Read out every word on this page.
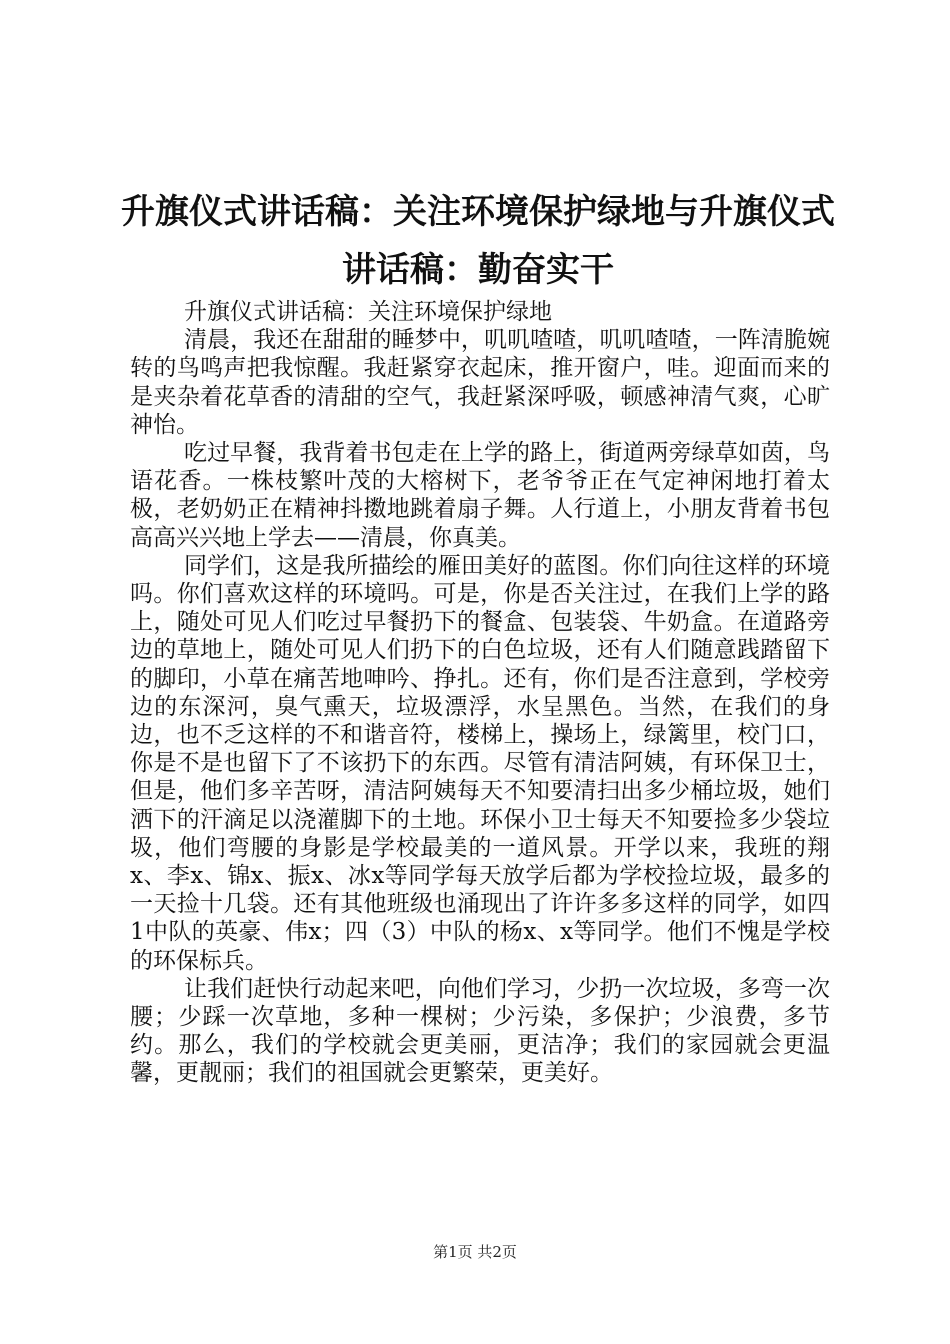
升旗仪式讲话稿：关注环境保护绿地与升旗仪式讲话稿：勤奋实干

升旗仪式讲话稿：关注环境保护绿地

清晨，我还在甜甜的睡梦中，叽叽喳喳，叽叽喳喳，一阵清脆婉转的鸟鸣声把我惊醒。我赶紧穿衣起床，推开窗户，哇。迎面而来的是夹杂着花草香的清甜的空气，我赶紧深呼吸，顿感神清气爽，心旷神怡。

吃过早餐，我背着书包走在上学的路上，街道两旁绿草如茵，鸟语花香。一株枝繁叶茂的大榕树下，老爷爷正在气定神闲地打着太极，老奶奶正在精神抖擞地跳着扇子舞。人行道上，小朋友背着书包高高兴兴地上学去——清晨，你真美。

同学们，这是我所描绘的雁田美好的蓝图。你们向往这样的环境吗。你们喜欢这样的环境吗。可是，你是否关注过，在我们上学的路上，随处可见人们吃过早餐扔下的餐盒、包装袋、牛奶盒。在道路旁边的草地上，随处可见人们扔下的白色垃圾，还有人们随意践踏留下的脚印，小草在痛苦地呻吟、挣扎。还有，你们是否注意到，学校旁边的东深河，臭气熏天，垃圾漂浮，水呈黑色。当然，在我们的身边，也不乏这样的不和谐音符，楼梯上，操场上，绿篱里，校门口，你是不是也留下了不该扔下的东西。尽管有清洁阿姨，有环保卫士，但是，他们多辛苦呀，清洁阿姨每天不知要清扫出多少桶垃圾，她们洒下的汗滴足以浇灌脚下的土地。环保小卫士每天不知要捡多少袋垃圾，他们弯腰的身影是学校最美的一道风景。开学以来，我班的翔x、李x、锦x、振x、冰x等同学每天放学后都为学校捡垃圾，最多的一天捡十几袋。还有其他班级也涌现出了许许多多这样的同学，如四1中队的英豪、伟x；四（3）中队的杨x、x等同学。他们不愧是学校的环保标兵。

让我们赶快行动起来吧，向他们学习，少扔一次垃圾，多弯一次腰；少踩一次草地，多种一棵树；少污染，多保护；少浪费，多节约。那么，我们的学校就会更美丽，更洁净；我们的家园就会更温馨，更靓丽；我们的祖国就会更繁荣，更美好。

第1页 共2页
